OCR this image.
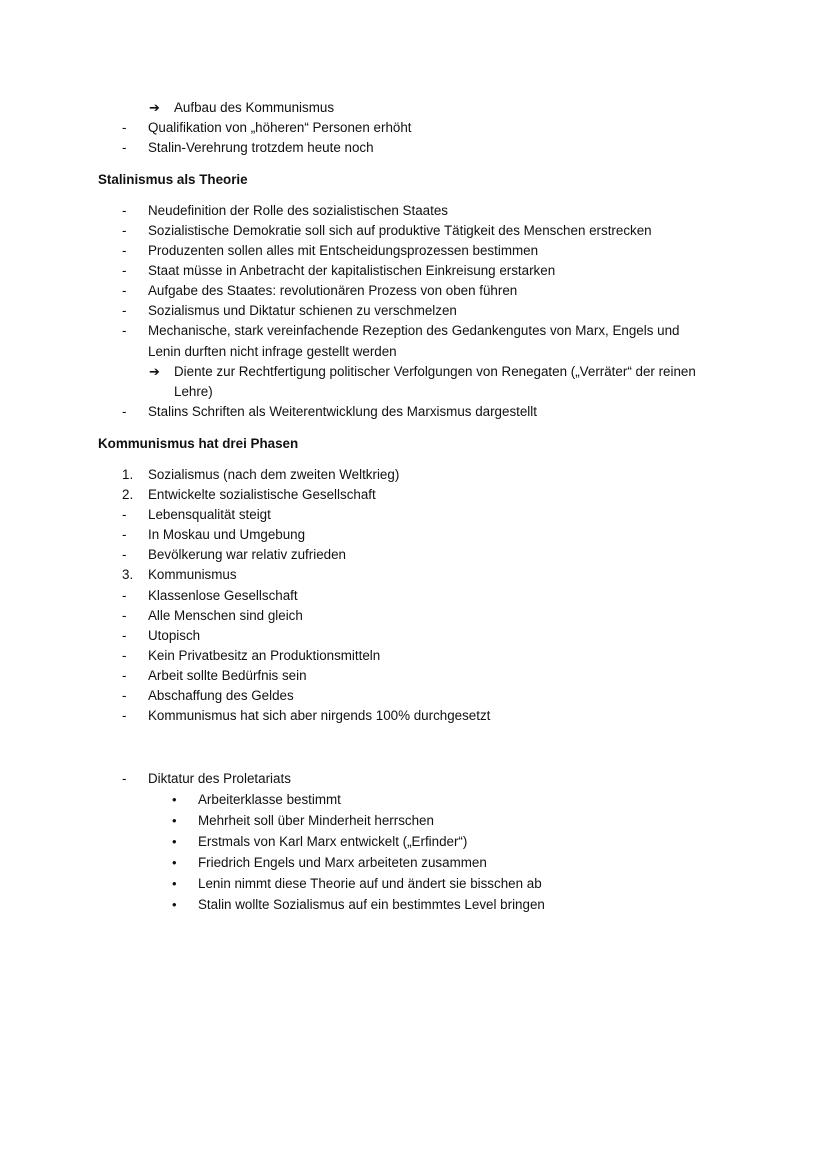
➔ Aufbau des Kommunismus
- Qualifikation von „höheren“ Personen erhöht
- Stalin-Verehrung trotzdem heute noch
Stalinismus als Theorie
- Neudefinition der Rolle des sozialistischen Staates
- Sozialistische Demokratie soll sich auf produktive Tätigkeit des Menschen erstrecken
- Produzenten sollen alles mit Entscheidungsprozessen bestimmen
- Staat müsse in Anbetracht der kapitalistischen Einkreisung erstarken
- Aufgabe des Staates: revolutionären Prozess von oben führen
- Sozialismus und Diktatur schienen zu verschmelzen
- Mechanische, stark vereinfachende Rezeption des Gedankengutes von Marx, Engels und
Lenin durften nicht infrage gestellt werden
➔ Diente zur Rechtfertigung politischer Verfolgungen von Renegaten („Verräter“ der reinen
Lehre)
- Stalins Schriften als Weiterentwicklung des Marxismus dargestellt
Kommunismus hat drei Phasen
1. Sozialismus (nach dem zweiten Weltkrieg)
2. Entwickelte sozialistische Gesellschaft
- Lebensqualität steigt
- In Moskau und Umgebung
- Bevölkerung war relativ zufrieden
3. Kommunismus
- Klassenlose Gesellschaft
- Alle Menschen sind gleich
- Utopisch
- Kein Privatbesitz an Produktionsmitteln
- Arbeit sollte Bedürfnis sein
- Abschaffung des Geldes
- Kommunismus hat sich aber nirgends 100% durchgesetzt
- Diktatur des Proletariats
• Arbeiterklasse bestimmt
• Mehrheit soll über Minderheit herrschen
• Erstmals von Karl Marx entwickelt („Erfinder“)
• Friedrich Engels und Marx arbeiteten zusammen
• Lenin nimmt diese Theorie auf und ändert sie bisschen ab
• Stalin wollte Sozialismus auf ein bestimmtes Level bringen
